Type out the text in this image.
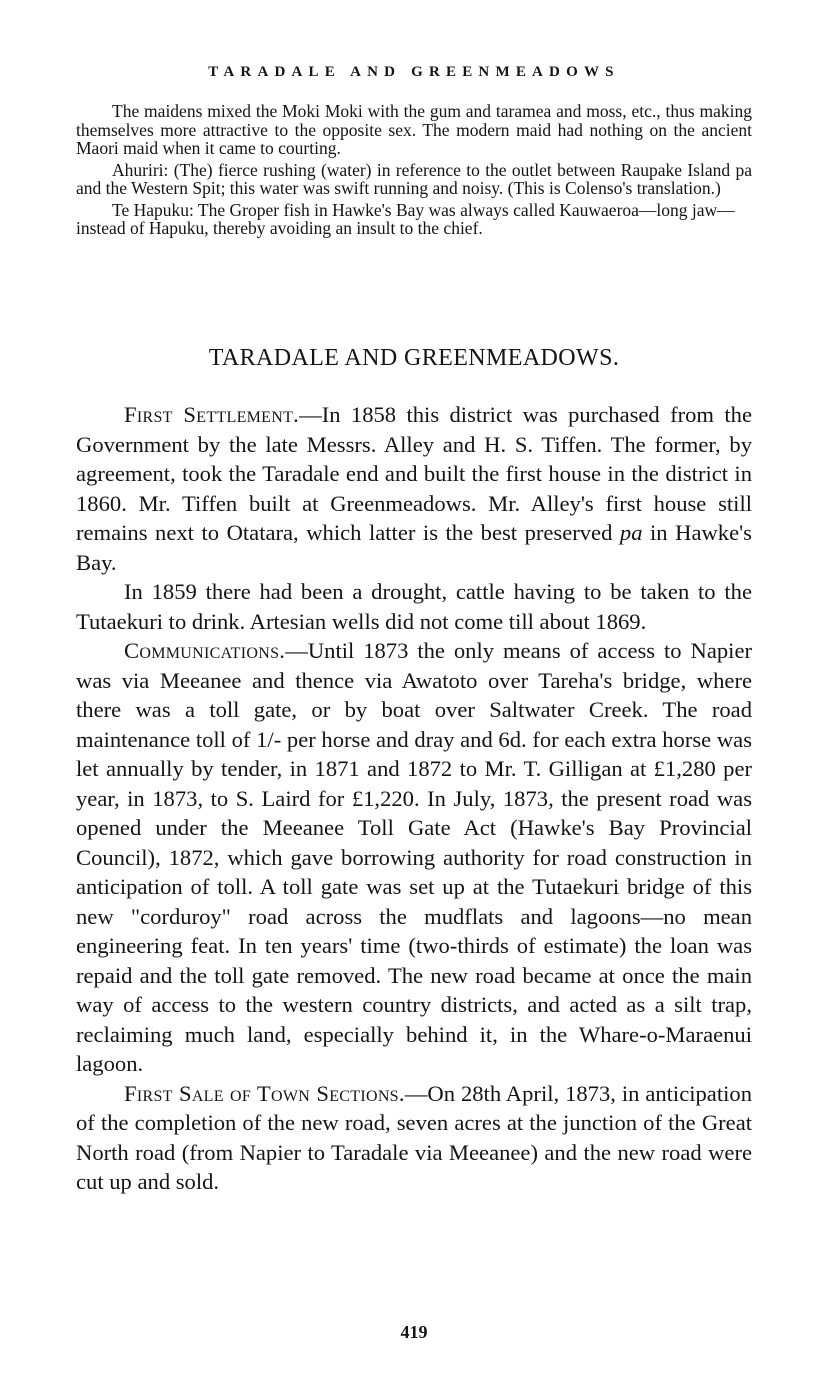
TARADALE AND GREENMEADOWS

The maidens mixed the Moki Moki with the gum and taramea and moss, etc., thus making themselves more attractive to the opposite sex. The modern maid had nothing on the ancient Maori maid when it came to courting.

Ahuriri: (The) fierce rushing (water) in reference to the outlet between Raupake Island pa and the Western Spit; this water was swift running and noisy. (This is Colenso's translation.)

Te Hapuku: The Groper fish in Hawke's Bay was always called Kauwaeroa—long jaw—instead of Hapuku, thereby avoiding an insult to the chief.

TARADALE AND GREENMEADOWS.

First Settlement.—In 1858 this district was purchased from the Government by the late Messrs. Alley and H. S. Tiffen. The former, by agreement, took the Taradale end and built the first house in the district in 1860. Mr. Tiffen built at Greenmeadows. Mr. Alley's first house still remains next to Otatara, which latter is the best preserved pa in Hawke's Bay.

In 1859 there had been a drought, cattle having to be taken to the Tutaekuri to drink. Artesian wells did not come till about 1869.

Communications.—Until 1873 the only means of access to Napier was via Meeanee and thence via Awatoto over Tareha's bridge, where there was a toll gate, or by boat over Saltwater Creek. The road maintenance toll of 1/- per horse and dray and 6d. for each extra horse was let annually by tender, in 1871 and 1872 to Mr. T. Gilligan at £1,280 per year, in 1873, to S. Laird for £1,220. In July, 1873, the present road was opened under the Meeanee Toll Gate Act (Hawke's Bay Provincial Council), 1872, which gave borrowing authority for road construction in anticipation of toll. A toll gate was set up at the Tutaekuri bridge of this new "corduroy" road across the mudflats and lagoons—no mean engineering feat. In ten years' time (two-thirds of estimate) the loan was repaid and the toll gate removed. The new road became at once the main way of access to the western country districts, and acted as a silt trap, reclaiming much land, especially behind it, in the Whare-o-Maraenui lagoon.

First Sale of Town Sections.—On 28th April, 1873, in anticipation of the completion of the new road, seven acres at the junction of the Great North road (from Napier to Taradale via Meeanee) and the new road were cut up and sold.

419
